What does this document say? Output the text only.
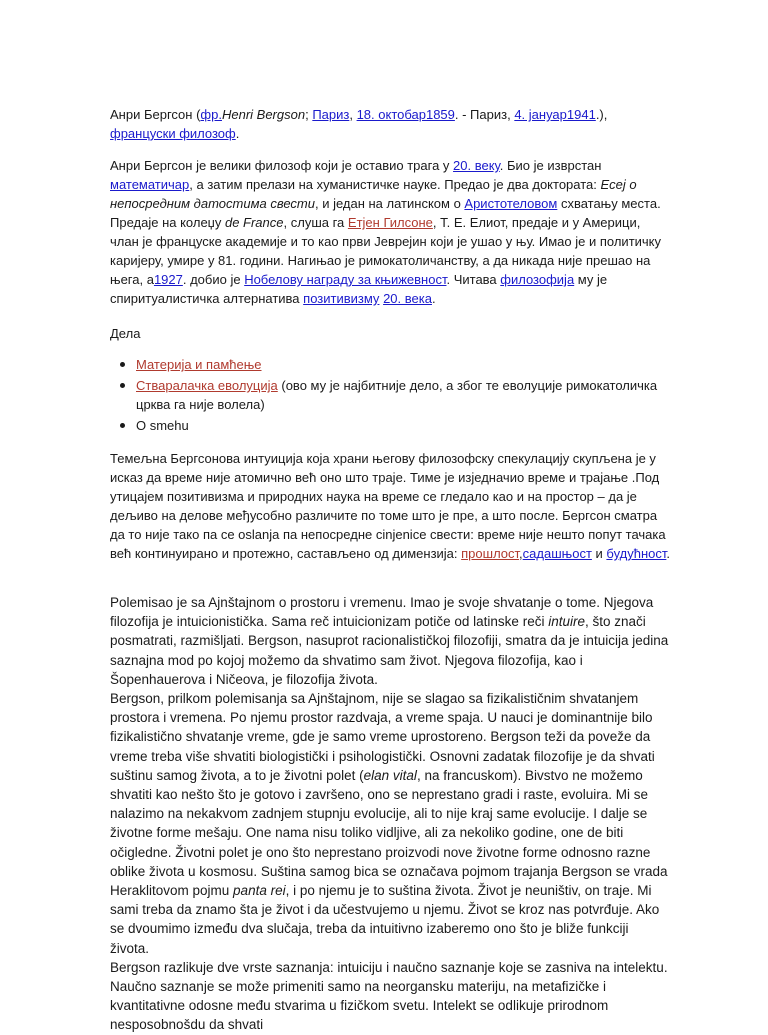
Анри Бергсон (фр.Henri Bergson; Париз, 18. октобар1859. - Париз, 4. јануар1941.), француски филозоф.

Анри Бергсон је велики филозоф који је оставио трага у 20. веку. Био је изврстан математичар, а затим прелази на хуманистичке науке. Предао је два доктората: Есеј о непосредним датостима свести, и један на латинском о Аристотеловом схватању места. Предаје на колеџу de France, слуша га Етјен Гилсоне, Т. Е. Елиот, предаје и у Америци, члан је француске академије и то као први Јеврејин који је ушао у њу. Имао је и политичку каријеру, умире у 81. години. Нагињао је римокатоличанству, а да никада није прешао на њега, а1927. добио је Нобелову награду за књижевност. Читава филозофија му је спиритуалистичка алтернатива позитивизму 20. века.

Дела

Материја и памћење
Стваралачка еволуција (ово му је најбитније дело, а због те еволуције римокатоличка црква га није волела)
O smehu

Темељна Бергсонова интуиција која храни његову филозофску спекулацију скупљена је у исказ да време није атомично већ оно што траје. Тиме је изједначио време и трајање .Под утицајем позитивизма и природних наука на време се гледало као и на простор – да је дељиво на делове међусобно различите по томе што је пре, а што после. Бергсон сматра да то није тако па се oslanja па непосредне cinjenice свести: време није нешто попут тачака већ континуирано и протежно, састављено од димензија: прошлост,садашњост и будућност.

Polemisao je sa Ajnštajnom o prostoru i vremenu. Imao je svoje shvatanje o tome. Njegova filozofija je intuicionistička. Sama reč intuicionizam potiče od latinske reči intuire, što znači posmatrati, razmišljati. Bergson, nasuprot racionalističkoj filozofiji, smatra da je intuicija jedina saznajna mod po kojoj možemo da shvatimo sam život. Njegova filozofija, kao i Šopenhauerova i Ničeova, je filozofija života.

Bergson, prilkom polemisanja sa Ajnštajnom, nije se slagao sa fizikalističnim shvatanjem prostora i vremena. Po njemu prostor razdvaja, a vreme spaja. U nauci je dominantnije bilo fizikalistično shvatanje vreme, gde je samo vreme uprostoreno. Bergson teži da poveže da vreme treba više shvatiti biologistički i psihologistički. Osnovni zadatak filozofije je da shvati suštinu samog života, a to je životni polet (elan vital, na francuskom). Bivstvo ne možemo shvatiti kao nešto što je gotovo i završeno, ono se neprestano gradi i raste, evoluira. Mi se nalazimo na nekakvom zadnjem stupnju evolucije, ali to nije kraj same evolucije. I dalje se životne forme mešaju. One nama nisu toliko vidljive, ali za nekoliko godine, one de biti očigledne. Životni polet je ono što neprestano proizvodi nove životne forme odnosno razne oblike života u kosmosu. Suština samog bica se označava pojmom trajanja Bergson se vrada Heraklitovom pojmu panta rei, i po njemu je to suština života. Život je neuništiv, on traje. Mi sami treba da znamo šta je život i da učestvujemo u njemu. Život se kroz nas potvrđuje. Ako se dvoumimo između dva slučaja, treba da intuitivno izaberemo ono što je bliže funkciji života.

Bergson razlikuje dve vrste saznanja: intuiciju i naučno saznanje koje se zasniva na intelektu. Naučno saznanje se može primeniti samo na neorgansku materiju, na metafizičke i kvantitativne odosne među stvarima u fizičkom svetu. Intelekt se odlikuje prirodnom nesposobnošdu da shvati
